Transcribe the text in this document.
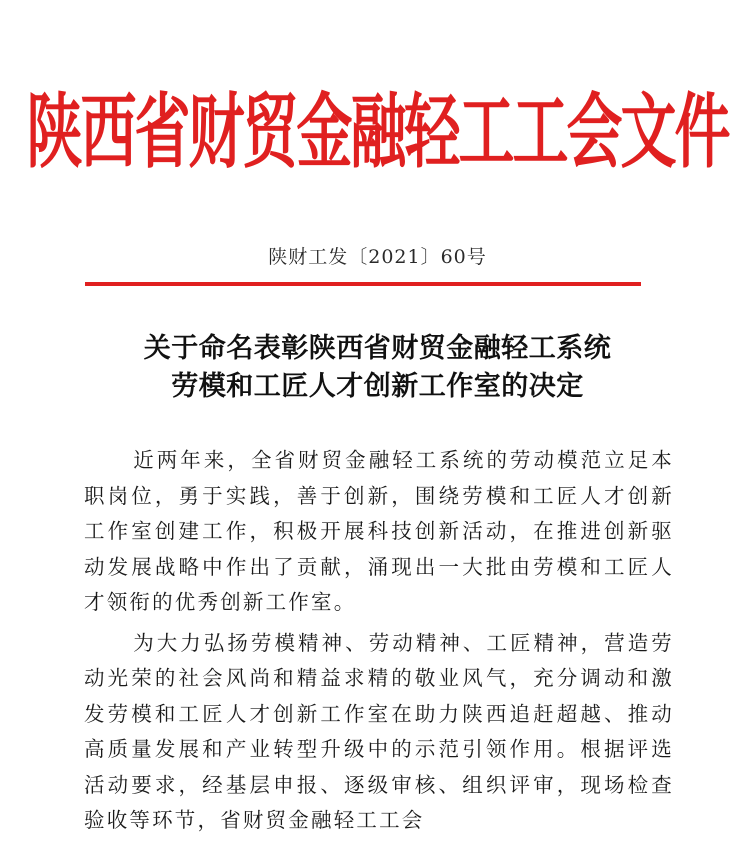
陕西省财贸金融轻工工会文件
陕财工发〔2021〕60号
关于命名表彰陕西省财贸金融轻工系统
劳模和工匠人才创新工作室的决定

近两年来，全省财贸金融轻工系统的劳动模范立足本职岗位，勇于实践，善于创新，围绕劳模和工匠人才创新工作室创建工作，积极开展科技创新活动，在推进创新驱动发展战略中作出了贡献，涌现出一大批由劳模和工匠人才领衔的优秀创新工作室。

为大力弘扬劳模精神、劳动精神、工匠精神，营造劳动光荣的社会风尚和精益求精的敬业风气，充分调动和激发劳模和工匠人才创新工作室在助力陕西追赶超越、推动高质量发展和产业转型升级中的示范引领作用。根据评选活动要求，经基层申报、逐级审核、组织评审，现场检查验收等环节，省财贸金融轻工工会
